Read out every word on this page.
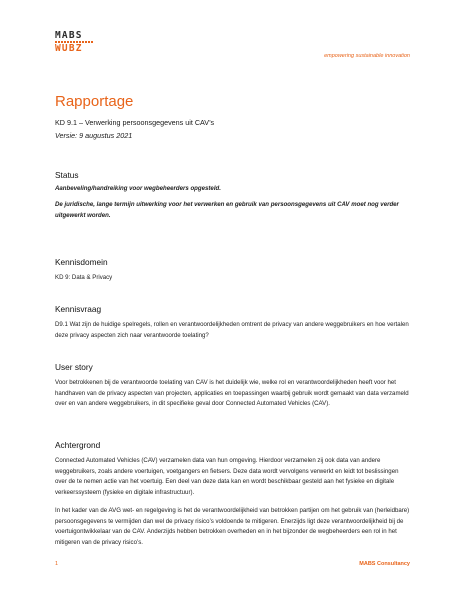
MABS
WUBZ
empowering sustainable innovation
Rapportage
KD 9.1 – Verwerking persoonsgegevens uit CAV’s
Versie: 9 augustus 2021
Status
Aanbeveling/handreiking voor wegbeheerders opgesteld.
De juridische, lange termijn uitwerking voor het verwerken en gebruik van persoonsgegevens uit CAV moet nog verder uitgewerkt worden.
Kennisdomein
KD 9: Data & Privacy
Kennisvraag
D9.1 Wat zijn de huidige spelregels, rollen en verantwoordelijkheden omtrent de privacy van andere weggebruikers en hoe vertalen deze privacy aspecten zich naar verantwoorde toelating?
User story
Voor betrokkenen bij de verantwoorde toelating van CAV is het duidelijk wie, welke rol en verantwoordelijkheden heeft voor het handhaven van de privacy aspecten van projecten, applicaties en toepassingen waarbij gebruik wordt gemaakt van data verzameld over en van andere weggebruikers, in dit specifieke geval door Connected Automated Vehicles (CAV).
Achtergrond
Connected Automated Vehicles (CAV) verzamelen data van hun omgeving. Hierdoor verzamelen zij ook data van andere weggebruikers, zoals andere voertuigen, voetgangers en fietsers. Deze data wordt vervolgens verwerkt en leidt tot beslissingen over de te nemen actie van het voertuig. Een deel van deze data kan en wordt beschikbaar gesteld aan het fysieke en digitale verkeerssysteem (fysieke en digitale infrastructuur).
In het kader van de AVG wet- en regelgeving is het de verantwoordelijkheid van betrokken partijen om het gebruik van (herleidbare) persoonsgegevens te vermijden dan wel de privacy risico’s voldoende te mitigeren. Enerzijds ligt deze verantwoordelijkheid bij de voertuigontwikkelaar van de CAV. Anderzijds hebben betrokken overheden en in het bijzonder de wegbeheerders een rol in het mitigeren van de privacy risico’s.
1	MABS Consultancy
